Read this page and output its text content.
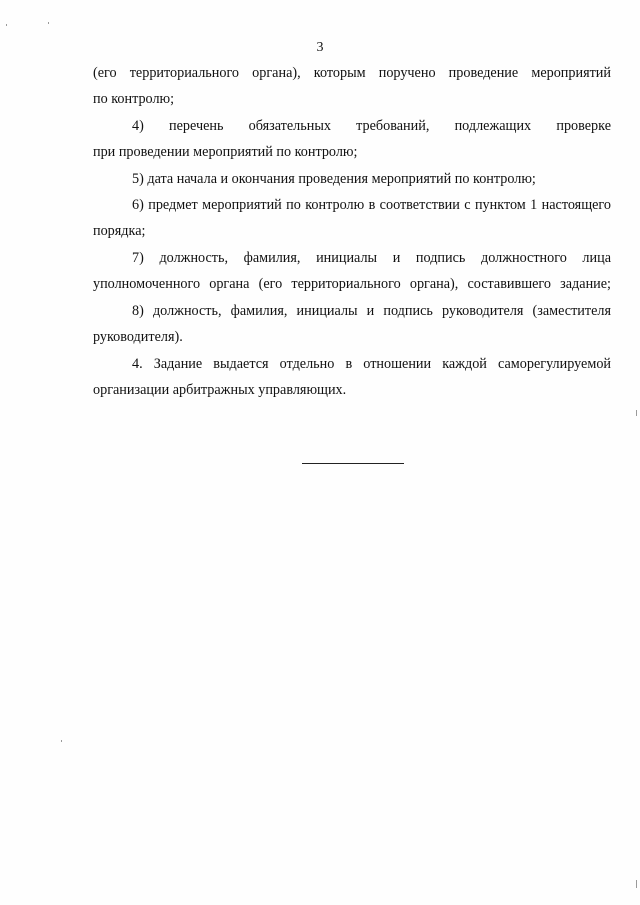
3
(его территориального органа), которым поручено проведение мероприятий
по контролю;
4) перечень обязательных требований, подлежащих проверке
при проведении мероприятий по контролю;
5) дата начала и окончания проведения мероприятий по контролю;
6) предмет мероприятий по контролю в соответствии с пунктом 1 настоящего
порядка;
7) должность, фамилия, инициалы и подпись должностного лица
уполномоченного органа (его территориального органа), составившего задание;
8) должность, фамилия, инициалы и подпись руководителя (заместителя
руководителя).
4. Задание выдается отдельно в отношении каждой саморегулируемой
организации арбитражных управляющих.
